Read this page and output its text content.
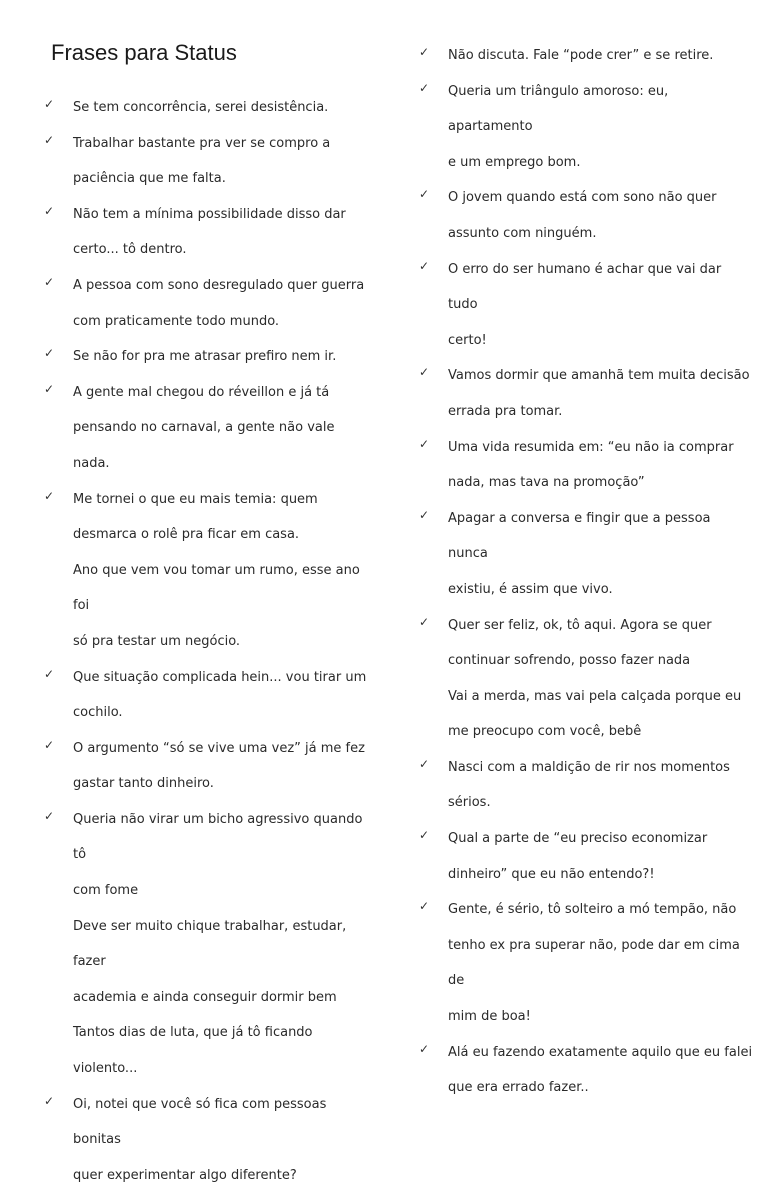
Frases para Status
✓	Se tem concorrência, serei desistência.
✓	Trabalhar bastante pra ver se compro a
paciência que me falta.
✓	Não tem a mínima possibilidade disso dar
certo... tô dentro.
✓	A pessoa com sono desregulado quer guerra
com praticamente todo mundo.
✓	Se não for pra me atrasar prefiro nem ir.
✓	A gente mal chegou do réveillon e já tá
pensando no carnaval, a gente não vale nada.
✓	Me tornei o que eu mais temia: quem
desmarca o rolê pra ficar em casa.
Ano que vem vou tomar um rumo, esse ano foi
só pra testar um negócio.
✓	Que situação complicada hein... vou tirar um
cochilo.
✓	O argumento “só se vive uma vez” já me fez
gastar tanto dinheiro.
✓	Queria não virar um bicho agressivo quando tô
com fome
Deve ser muito chique trabalhar, estudar, fazer
academia e ainda conseguir dormir bem
Tantos dias de luta, que já tô ficando violento...
✓	Oi, notei que você só fica com pessoas bonitas
quer experimentar algo diferente?
✓	Não discuta. Fale “pode crer” e se retire.
✓	Queria um triângulo amoroso: eu, apartamento
e um emprego bom.
✓	O jovem quando está com sono não quer
assunto com ninguém.
✓	O erro do ser humano é achar que vai dar tudo
certo!
✓	Vamos dormir que amanhã tem muita decisão
errada pra tomar.
✓	Uma vida resumida em: “eu não ia comprar
nada, mas tava na promoção”
✓	Apagar a conversa e fingir que a pessoa nunca
existiu, é assim que vivo.
✓	Quer ser feliz, ok, tô aqui. Agora se quer
continuar sofrendo, posso fazer nada
Vai a merda, mas vai pela calçada porque eu
me preocupo com você, bebê
✓	Nasci com a maldição de rir nos momentos
sérios.
✓	Qual a parte de “eu preciso economizar
dinheiro” que eu não entendo?!
✓	Gente, é sério, tô solteiro a mó tempão, não
tenho ex pra superar não, pode dar em cima de
mim de boa!
✓	Alá eu fazendo exatamente aquilo que eu falei
que era errado fazer..
